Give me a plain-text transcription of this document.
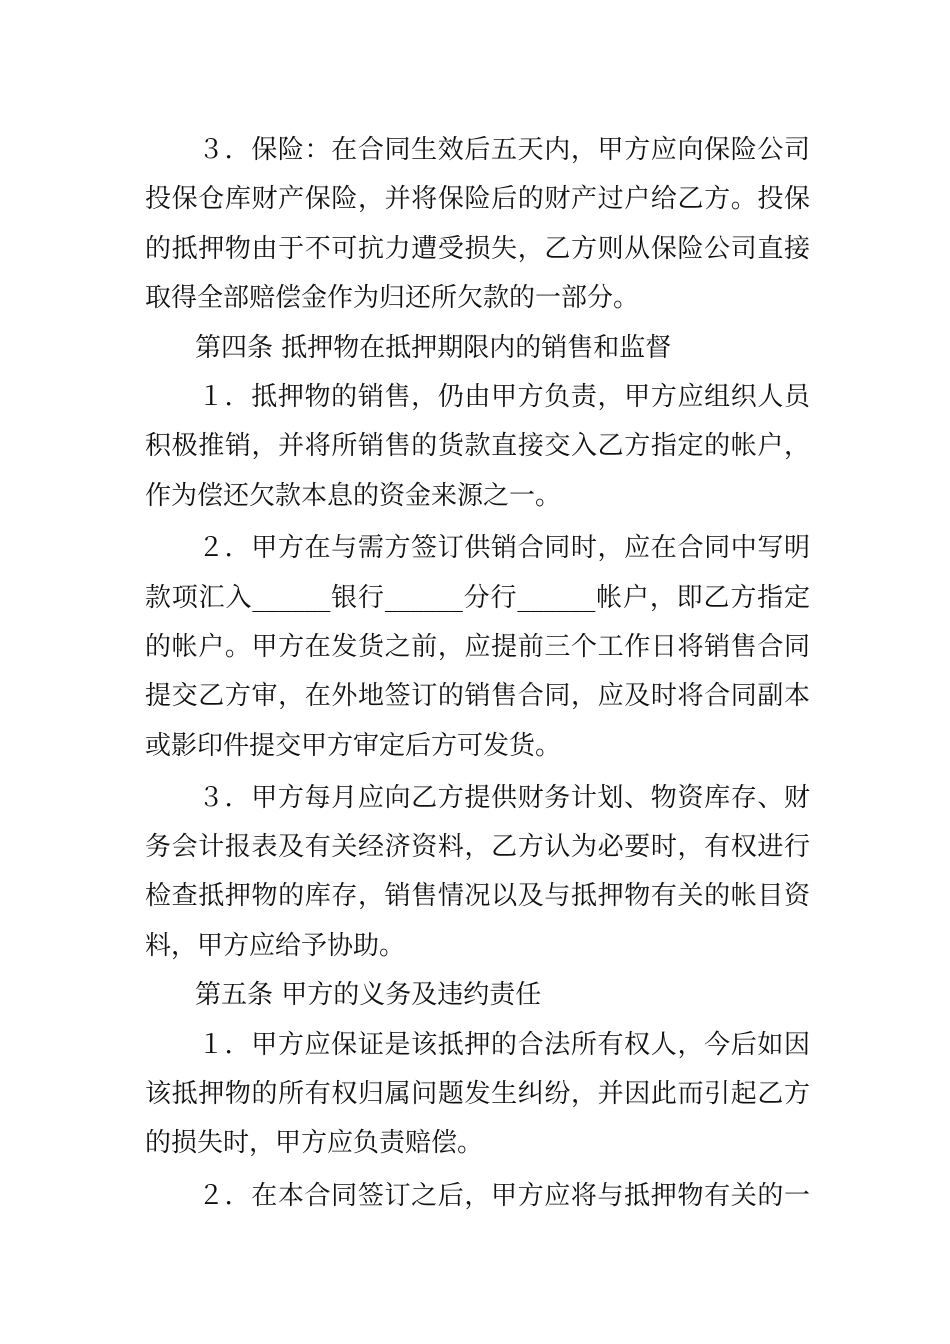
３．保险：在合同生效后五天内，甲方应向保险公司
投保仓库财产保险，并将保险后的财产过户给乙方。投保
的抵押物由于不可抗力遭受损失，乙方则从保险公司直接
取得全部赔偿金作为归还所欠款的一部分。
第四条 抵押物在抵押期限内的销售和监督
１．抵押物的销售，仍由甲方负责，甲方应组织人员
积极推销，并将所销售的货款直接交入乙方指定的帐户，
作为偿还欠款本息的资金来源之一。
２．甲方在与需方签订供销合同时，应在合同中写明
款项汇入______银行______分行______帐户，即乙方指定
的帐户。甲方在发货之前，应提前三个工作日将销售合同
提交乙方审，在外地签订的销售合同，应及时将合同副本
或影印件提交甲方审定后方可发货。
３．甲方每月应向乙方提供财务计划、物资库存、财
务会计报表及有关经济资料，乙方认为必要时，有权进行
检查抵押物的库存，销售情况以及与抵押物有关的帐目资
料，甲方应给予协助。
第五条 甲方的义务及违约责任
１．甲方应保证是该抵押的合法所有权人，今后如因
该抵押物的所有权归属问题发生纠纷，并因此而引起乙方
的损失时，甲方应负责赔偿。
２．在本合同签订之后，甲方应将与抵押物有关的一
